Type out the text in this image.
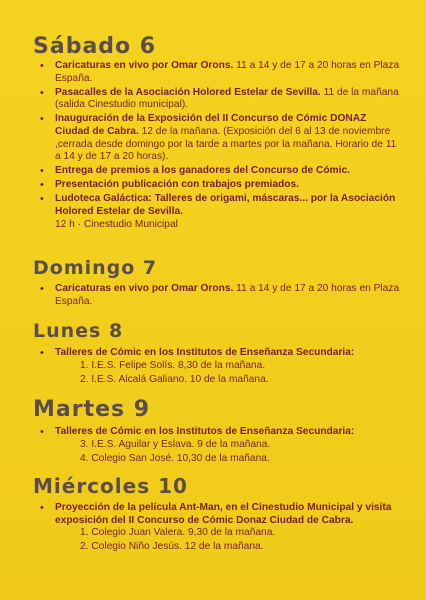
Sábado 6
• Caricaturas en vivo por Omar Orons. 11 a 14 y de 17 a 20 horas en Plaza España.
• Pasacalles de la Asociación Holored Estelar de Sevilla. 11 de la mañana (salida Cinestudio municipal).
• Inauguración de la Exposición del II Concurso de Cómic DONAZ Ciudad de Cabra. 12 de la mañana. (Exposición del 6 al 13 de noviembre ,cerrada desde domingo por la tarde a martes por la mañana. Horario de 11 a 14 y de 17 a 20 horas).
• Entrega de premios a los ganadores del Concurso de Cómic.
• Presentación publicación con trabajos premiados.
• Ludoteca Galáctica: Talleres de origami, máscaras... por la Asociación Holored Estelar de Sevilla.
12 h · Cinestudio Municipal
Domingo 7
• Caricaturas en vivo por Omar Orons. 11 a 14 y de 17 a 20 horas en Plaza España.
Lunes 8
• Talleres de Cómic en los Institutos de Enseñanza Secundaria:
1. I.E.S. Felipe Solís. 8,30 de la mañana.
2. I.E.S. Alcalá Galiano. 10 de la mañana.
Martes 9
• Talleres de Cómic en los Institutos de Enseñanza Secundaria:
3. I.E.S. Aguilar y Eslava. 9 de la mañana.
4. Colegio San José. 10,30 de la mañana.
Miércoles 10
• Proyección de la película Ant-Man, en el Cinestudio Municipal y visita exposición del II Concurso de Cómic Donaz Ciudad de Cabra.
1. Colegio Juan Valera. 9,30 de la mañana.
2. Colegio Niño Jesús. 12 de la mañana.
